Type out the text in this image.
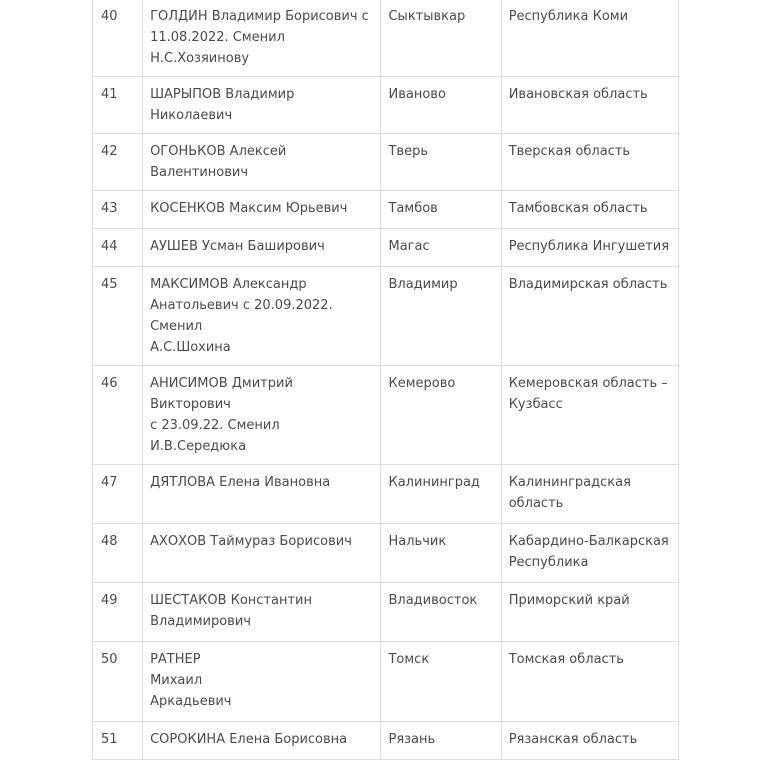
40	ГОЛДИН Владимир Борисович с
11.08.2022. Сменил Н.С.Хозяинову	Сыктывкар	Республика Коми

41	ШАРЫПОВ Владимир Николаевич	Иваново	Ивановская область

42	ОГОНЬКОВ Алексей Валентинович	Тверь	Тверская область

43	КОСЕНКОВ Максим Юрьевич	Тамбов	Тамбовская область

44	АУШЕВ Усман Баширович	Магас	Республика Ингушетия

45	МАКСИМОВ Александр
Анатольевич с 20.09.2022. Сменил
А.С.Шохина	Владимир	Владимирская область

46	АНИСИМОВ Дмитрий Викторович
с 23.09.22. Сменил И.В.Середюка	Кемерово	Кемеровская область –
Кузбасс

47	ДЯТЛОВА Елена Ивановна	Калининград	Калининградская
область

48	АХОХОВ Таймураз Борисович	Нальчик	Кабардино-Балкарская
Республика

49	ШЕСТАКОВ Константин
Владимирович	Владивосток	Приморский край

50	РАТНЕР
Михаил
Аркадьевич	Томск	Томская область

51	СОРОКИНА Елена Борисовна	Рязань	Рязанская область
